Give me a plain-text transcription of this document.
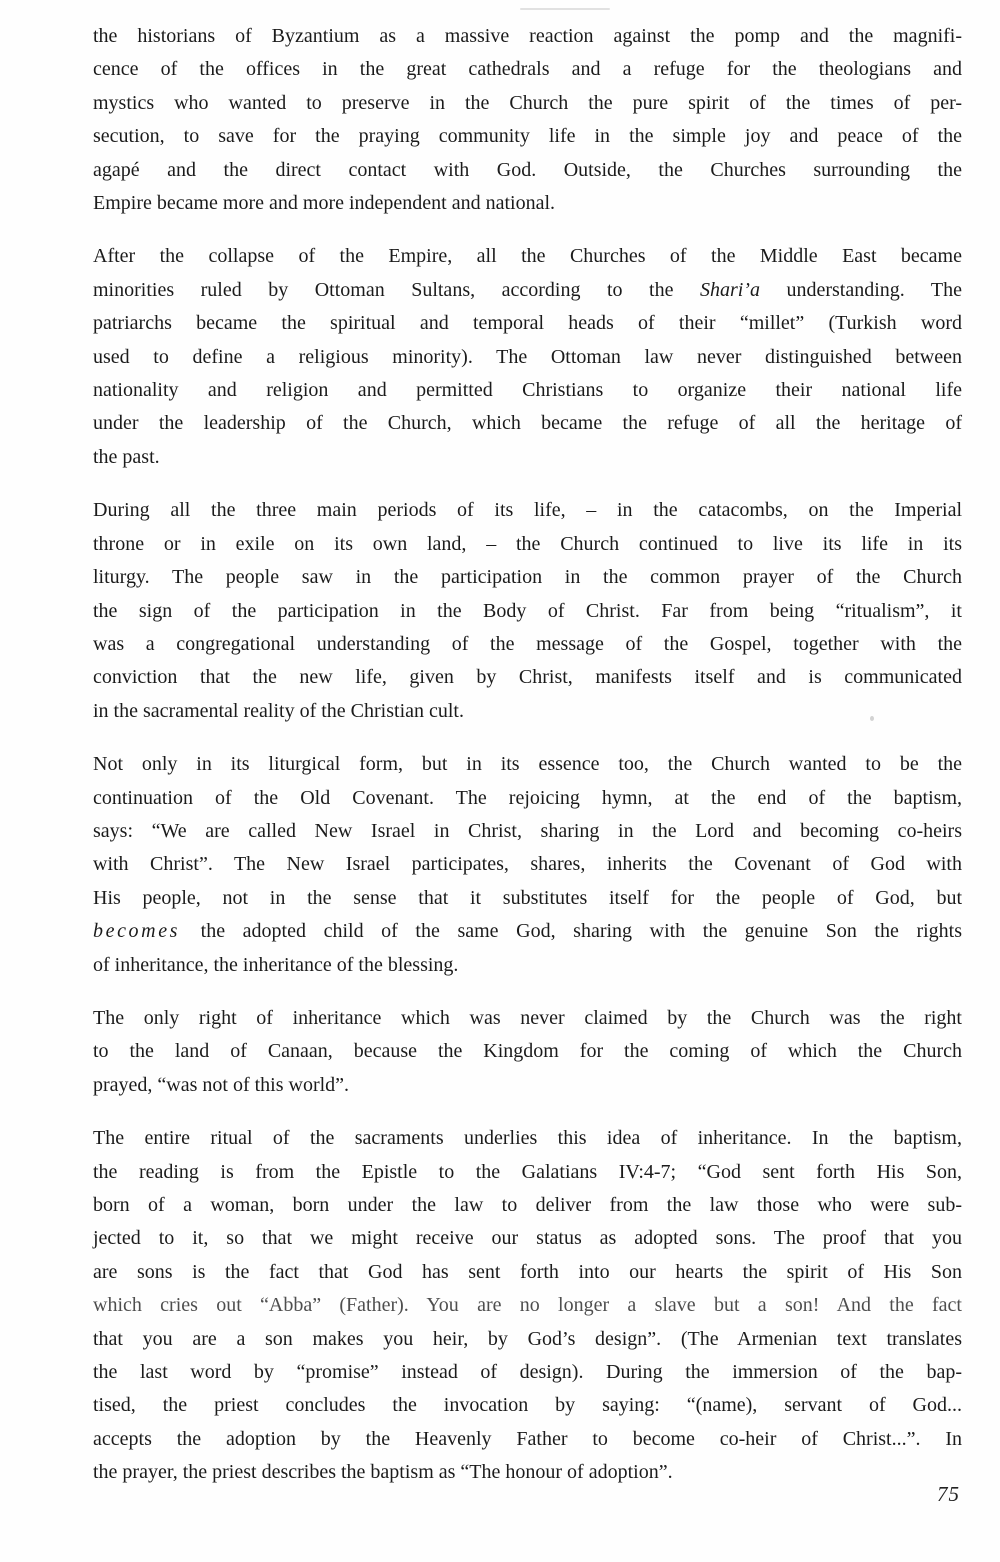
the historians of Byzantium as a massive reaction against the pomp and the magnifi-
cence of the offices in the great cathedrals and a refuge for the theologians and
mystics who wanted to preserve in the Church the pure spirit of the times of per-
secution, to save for the praying community life in the simple joy and peace of the
agapé and the direct contact with God. Outside, the Churches surrounding the
Empire became more and more independent and national.

After the collapse of the Empire, all the Churches of the Middle East became
minorities ruled by Ottoman Sultans, according to the Shari’a understanding. The
patriarchs became the spiritual and temporal heads of their “millet” (Turkish word
used to define a religious minority). The Ottoman law never distinguished between
nationality and religion and permitted Christians to organize their national life
under the leadership of the Church, which became the refuge of all the heritage of
the past.

During all the three main periods of its life, – in the catacombs, on the Imperial
throne or in exile on its own land, – the Church continued to live its life in its
liturgy. The people saw in the participation in the common prayer of the Church
the sign of the participation in the Body of Christ. Far from being “ritualism”, it
was a congregational understanding of the message of the Gospel, together with the
conviction that the new life, given by Christ, manifests itself and is communicated
in the sacramental reality of the Christian cult.

Not only in its liturgical form, but in its essence too, the Church wanted to be the
continuation of the Old Covenant. The rejoicing hymn, at the end of the baptism,
says: “We are called New Israel in Christ, sharing in the Lord and becoming co-heirs
with Christ”. The New Israel participates, shares, inherits the Covenant of God with
His people, not in the sense that it substitutes itself for the people of God, but
becomes the adopted child of the same God, sharing with the genuine Son the rights
of inheritance, the inheritance of the blessing.

The only right of inheritance which was never claimed by the Church was the right
to the land of Canaan, because the Kingdom for the coming of which the Church
prayed, “was not of this world”.

The entire ritual of the sacraments underlies this idea of inheritance. In the baptism,
the reading is from the Epistle to the Galatians IV:4-7; “God sent forth His Son,
born of a woman, born under the law to deliver from the law those who were sub-
jected to it, so that we might receive our status as adopted sons. The proof that you
are sons is the fact that God has sent forth into our hearts the spirit of His Son
which cries out “Abba” (Father). You are no longer a slave but a son! And the fact
that you are a son makes you heir, by God’s design”. (The Armenian text translates
the last word by “promise” instead of design). During the immersion of the bap-
tised, the priest concludes the invocation by saying: “(name), servant of God...
accepts the adoption by the Heavenly Father to become co-heir of Christ...”. In
the prayer, the priest describes the baptism as “The honour of adoption”.

75
